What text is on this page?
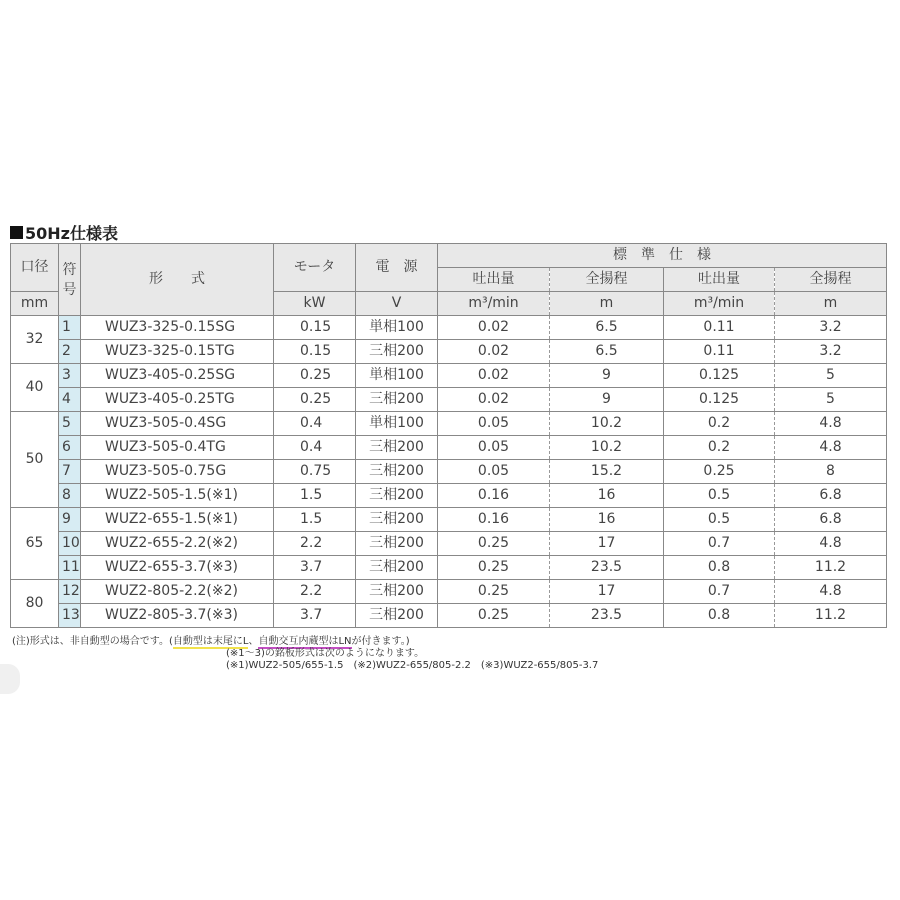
50Hz仕様表
口径	符号	形　　式	モータ	電　源	標　準　仕　様			
					吐出量	全揚程	吐出量	全揚程
mm			kW	V	m³/min	m	m³/min	m
32	1	WUZ3-325-0.15SG	0.15	単相100	0.02	6.5	0.11	3.2
	2	WUZ3-325-0.15TG	0.15	三相200	0.02	6.5	0.11	3.2
40	3	WUZ3-405-0.25SG	0.25	単相100	0.02	9	0.125	5
	4	WUZ3-405-0.25TG	0.25	三相200	0.02	9	0.125	5
50	5	WUZ3-505-0.4SG	0.4	単相100	0.05	10.2	0.2	4.8
	6	WUZ3-505-0.4TG	0.4	三相200	0.05	10.2	0.2	4.8
	7	WUZ3-505-0.75G	0.75	三相200	0.05	15.2	0.25	8
	8	WUZ2-505-1.5(※1)	1.5	三相200	0.16	16	0.5	6.8
65	9	WUZ2-655-1.5(※1)	1.5	三相200	0.16	16	0.5	6.8
	10	WUZ2-655-2.2(※2)	2.2	三相200	0.25	17	0.7	4.8
	11	WUZ2-655-3.7(※3)	3.7	三相200	0.25	23.5	0.8	11.2
80	12	WUZ2-805-2.2(※2)	2.2	三相200	0.25	17	0.7	4.8
	13	WUZ2-805-3.7(※3)	3.7	三相200	0.25	23.5	0.8	11.2
(注)形式は、非自動型の場合です。(自動型は末尾にL、自動交互内蔵型はLNが付きます。)
(※1〜3)の銘板形式は次のようになります。
(※1)WUZ2-505/655-1.5　(※2)WUZ2-655/805-2.2　(※3)WUZ2-655/805-3.7
